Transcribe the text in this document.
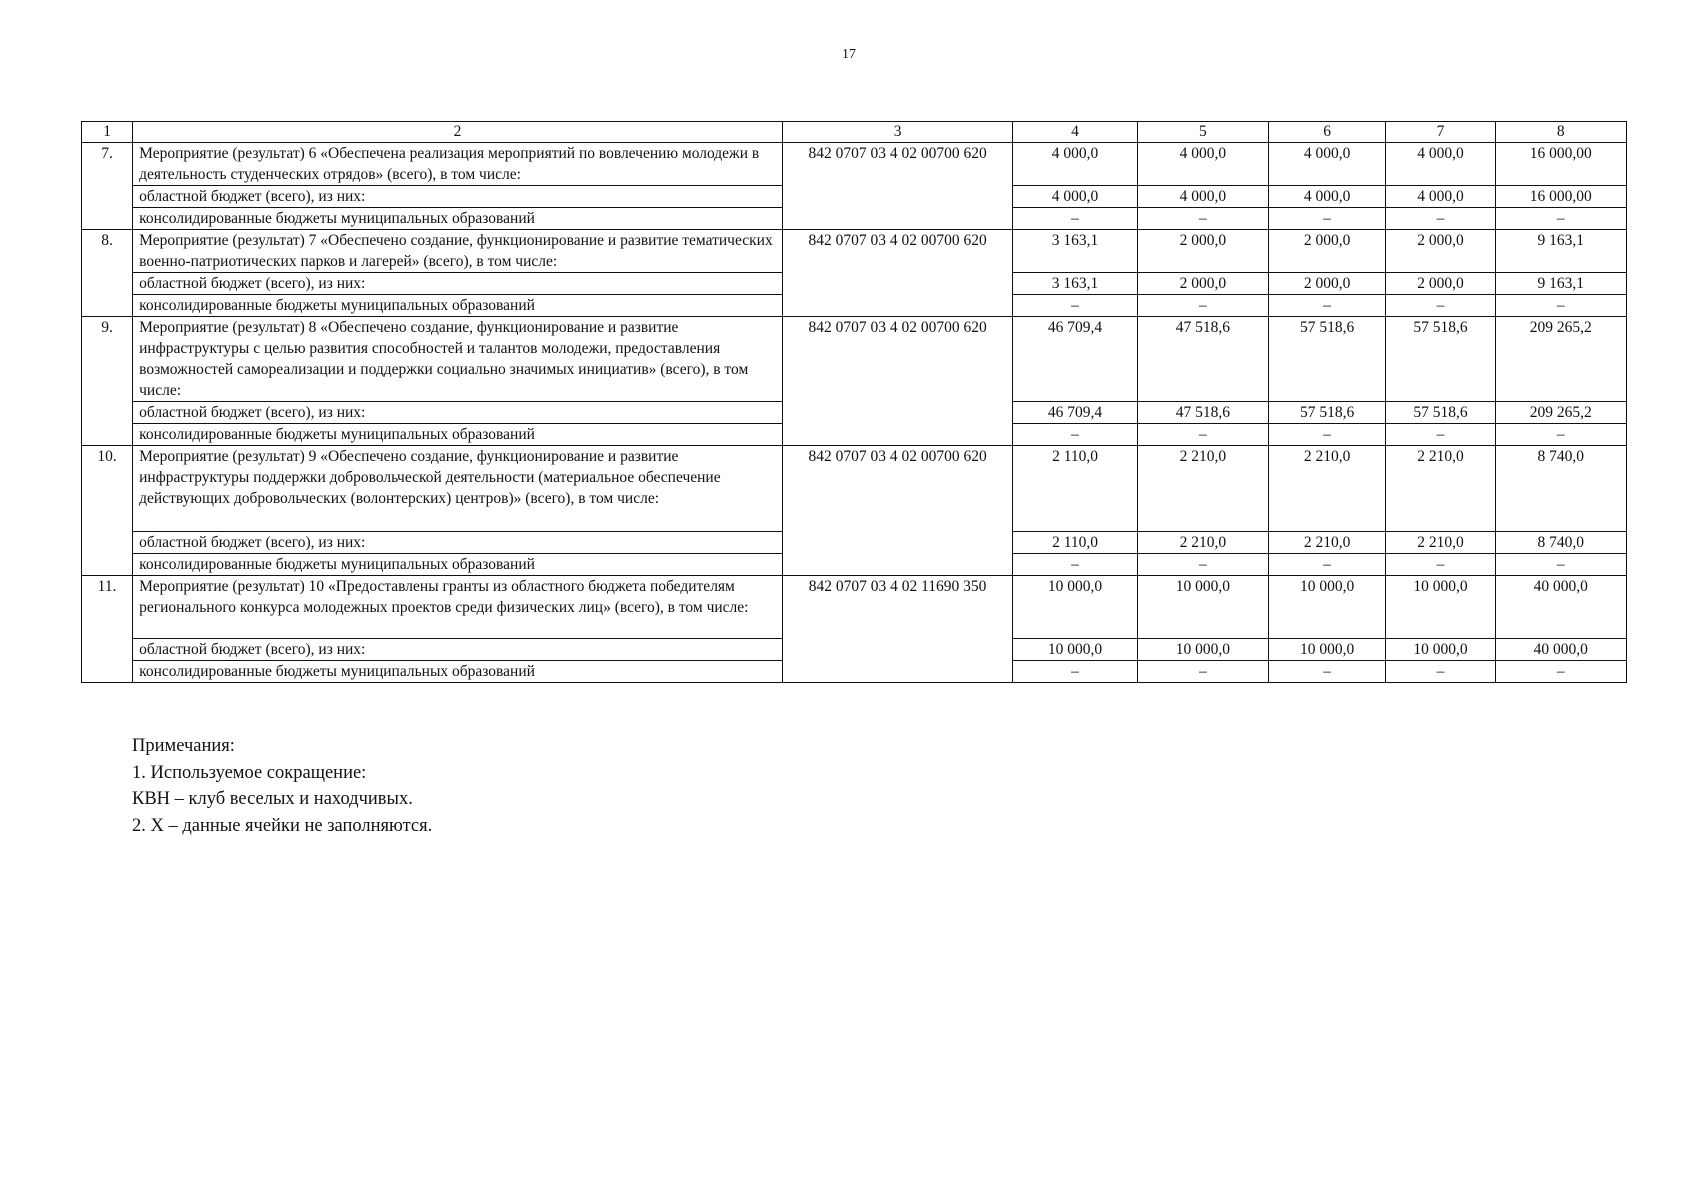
17
1	2	3	4	5	6	7	8
7.	Мероприятие (результат) 6 «Обеспечена реализация мероприятий по вовлечению молодежи в деятельность студенческих отрядов» (всего), в том числе:	842 0707 03 4 02 00700 620	4 000,0	4 000,0	4 000,0	4 000,0	16 000,00
	областной бюджет (всего), из них:		4 000,0	4 000,0	4 000,0	4 000,0	16 000,00
	консолидированные бюджеты муниципальных образований		–	–	–	–	–
8.	Мероприятие (результат) 7 «Обеспечено создание, функционирование и развитие тематических военно-патриотических парков и лагерей» (всего), в том числе:	842 0707 03 4 02 00700 620	3 163,1	2 000,0	2 000,0	2 000,0	9 163,1
	областной бюджет (всего), из них:		3 163,1	2 000,0	2 000,0	2 000,0	9 163,1
	консолидированные бюджеты муниципальных образований		–	–	–	–	–
9.	Мероприятие (результат) 8 «Обеспечено создание, функционирование и развитие инфраструктуры с целью развития способностей и талантов молодежи, предоставления возможностей самореализации и поддержки социально значимых инициатив» (всего), в том числе:	842 0707 03 4 02 00700 620	46 709,4	47 518,6	57 518,6	57 518,6	209 265,2
	областной бюджет (всего), из них:		46 709,4	47 518,6	57 518,6	57 518,6	209 265,2
	консолидированные бюджеты муниципальных образований		–	–	–	–	–
10.	Мероприятие (результат) 9 «Обеспечено создание, функционирование и развитие инфраструктуры поддержки добровольческой деятельности (материальное обеспечение действующих добровольческих (волонтерских) центров)» (всего), в том числе:	842 0707 03 4 02 00700 620	2 110,0	2 210,0	2 210,0	2 210,0	8 740,0
	областной бюджет (всего), из них:		2 110,0	2 210,0	2 210,0	2 210,0	8 740,0
	консолидированные бюджеты муниципальных образований		–	–	–	–	–
11.	Мероприятие (результат) 10 «Предоставлены гранты из областного бюджета победителям регионального конкурса молодежных проектов среди физических лиц» (всего), в том числе:	842 0707 03 4 02 11690 350	10 000,0	10 000,0	10 000,0	10 000,0	40 000,0
	областной бюджет (всего), из них:		10 000,0	10 000,0	10 000,0	10 000,0	40 000,0
	консолидированные бюджеты муниципальных образований		–	–	–	–	–
Примечания:
1. Используемое сокращение:
КВН – клуб веселых и находчивых.
2. X – данные ячейки не заполняются.
